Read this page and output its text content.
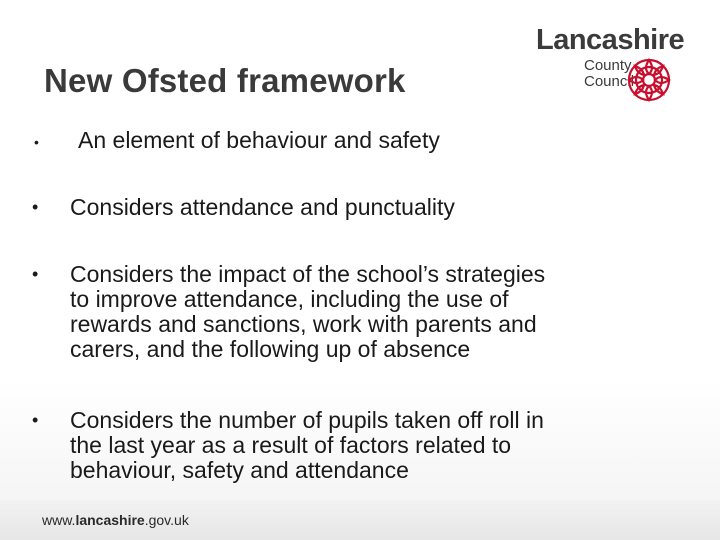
New Ofsted framework
Lancashire
County
Council
• An element of behaviour and safety
• Considers attendance and punctuality
• Considers the impact of the school’s strategies
to improve attendance, including the use of
rewards and sanctions, work with parents and
carers, and the following up of absence
• Considers the number of pupils taken off roll in
the last year as a result of factors related to
behaviour, safety and attendance
www.lancashire.gov.uk
